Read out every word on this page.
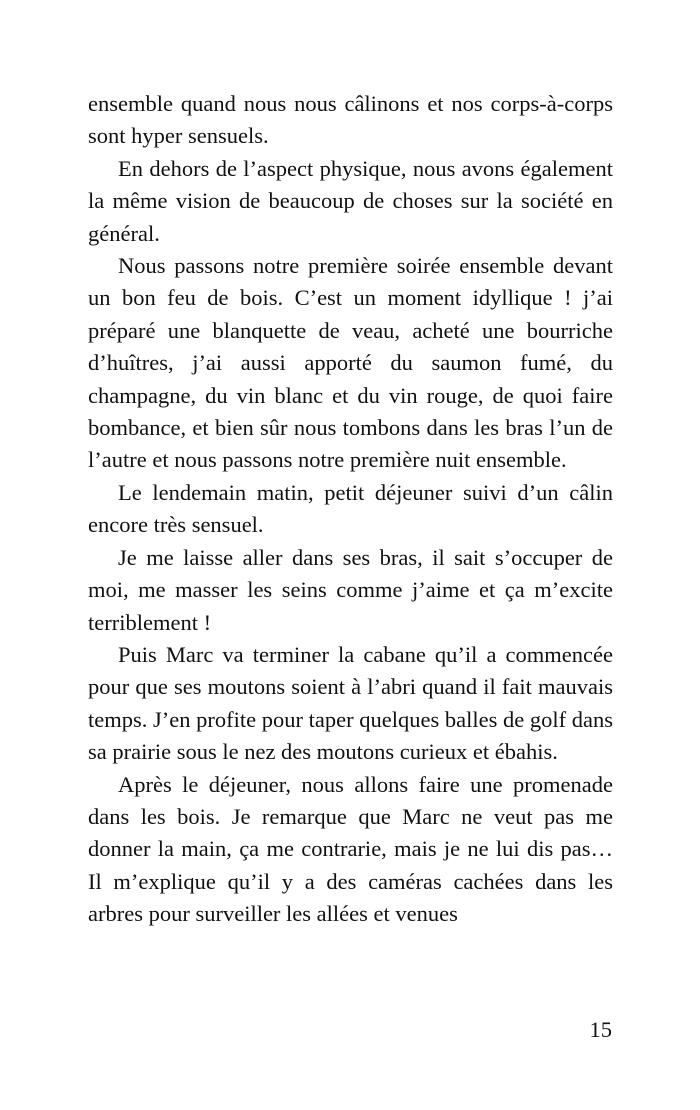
ensemble quand nous nous câlinons et nos corps-à-corps sont hyper sensuels.

En dehors de l’aspect physique, nous avons également la même vision de beaucoup de choses sur la société en général.

Nous passons notre première soirée ensemble devant un bon feu de bois. C’est un moment idyllique ! j’ai préparé une blanquette de veau, acheté une bourriche d’huîtres, j’ai aussi apporté du saumon fumé, du champagne, du vin blanc et du vin rouge, de quoi faire bombance, et bien sûr nous tombons dans les bras l’un de l’autre et nous passons notre première nuit ensemble.

Le lendemain matin, petit déjeuner suivi d’un câlin encore très sensuel.

Je me laisse aller dans ses bras, il sait s’occuper de moi, me masser les seins comme j’aime et ça m’excite terriblement !

Puis Marc va terminer la cabane qu’il a commencée pour que ses moutons soient à l’abri quand il fait mauvais temps. J’en profite pour taper quelques balles de golf dans sa prairie sous le nez des moutons curieux et ébahis.

Après le déjeuner, nous allons faire une promenade dans les bois. Je remarque que Marc ne veut pas me donner la main, ça me contrarie, mais je ne lui dis pas… Il m’explique qu’il y a des caméras cachées dans les arbres pour surveiller les allées et venues

15
